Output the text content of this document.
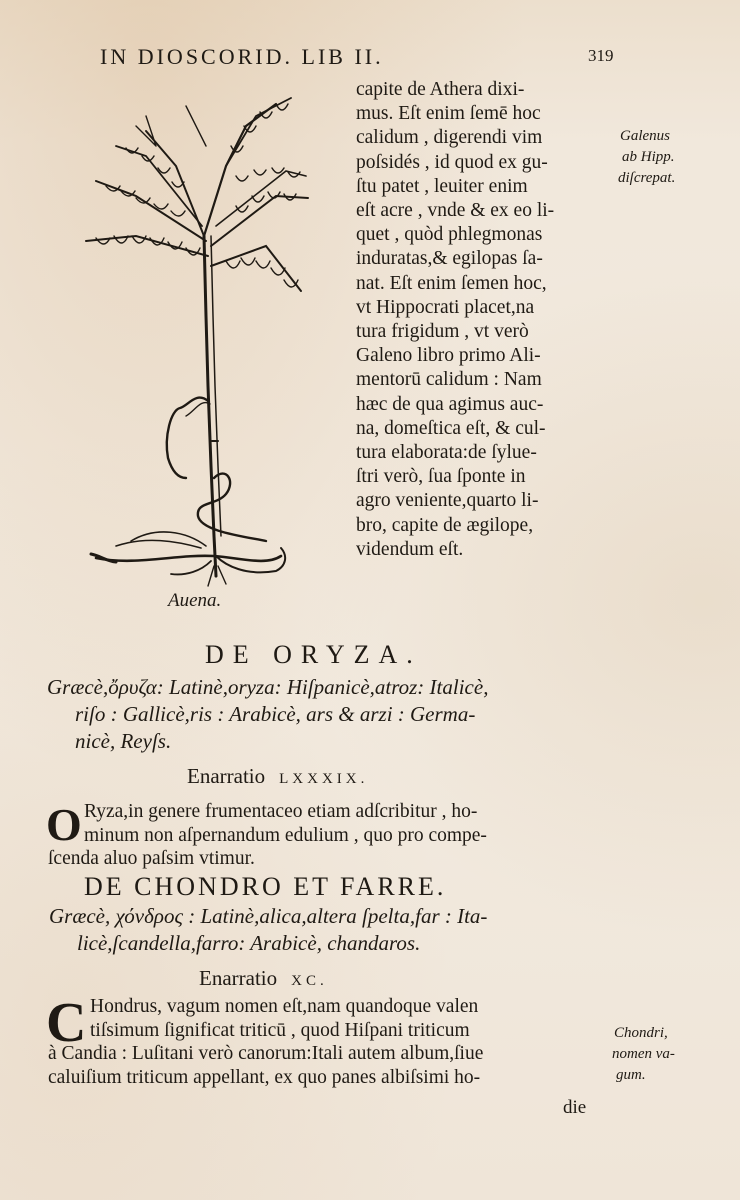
IN DIOSCORID. LIB II.	319
Auena.
capite de Athera dixi-
mus. Eſt enim ſemē hoc
calidum , digerendi vim
poſsidés , id quod ex gu-
ſtu patet , leuiter enim
eſt acre , vnde & ex eo li-
quet , quòd phlegmonas
induratas,& egilopas ſa-
nat. Eſt enim ſemen hoc,
vt Hippocrati placet,na
tura frigidum , vt verò
Galeno libro primo Ali-
mentorū calidum : Nam
hæc de qua agimus auc-
na, domeſtica eſt, & cul-
tura elaborata:de ſylue-
ſtri verò, ſua ſponte in
agro veniente,quarto li-
bro, capite de ægilope,
videndum eſt.
Galenus
ab Hipp.
diſcrepat.
DE ORYZA.
Græcè,ὄρυζα: Latinè,oryza: Hiſpanicè,atroz: Italicè,
riſo : Gallicè,ris : Arabicè, ars & arzi : Germa-
nicè, Reyſs.
Enarratio LXXXIX.
O Ryza,in genere frumentaceo etiam adſcribitur , ho-
minum non aſpernandum edulium , quo pro compe-
ſcenda aluo paſsim vtimur.
DE CHONDRO ET FARRE.
Græcè, χόνδρος : Latinè,alica,altera ſpelta,far : Ita-
licè,ſcandella,farro: Arabicè, chandaros.
Enarratio XC.
C Hondrus, vagum nomen eſt,nam quandoque valen
tiſsimum ſignificat triticū , quod Hiſpani triticum
à Candia : Luſitani verò canorum:Itali autem album,ſiue
caluiſium triticum appellant, ex quo panes albiſsimi ho-
die
Chondri,
nomen va-
gum.
